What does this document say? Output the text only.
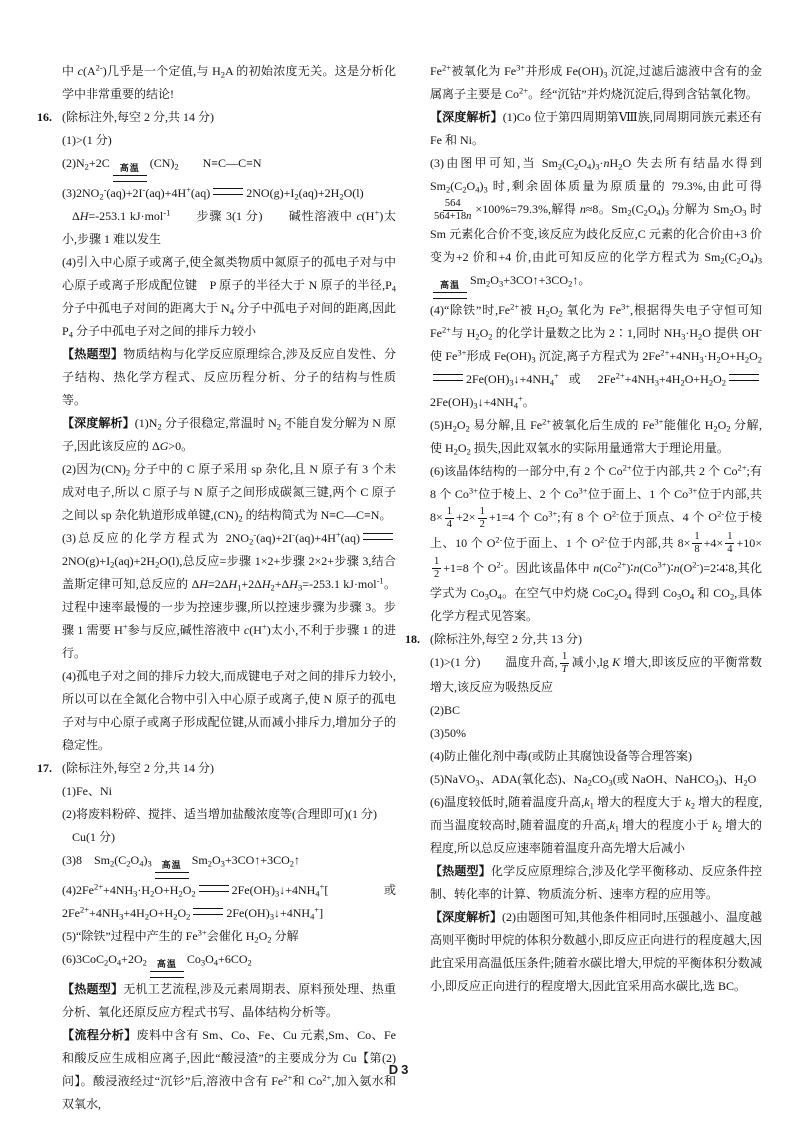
中 $c(A^{2-})$几乎是一个定值,与 $H_2A$ 的初始浓度无关。这是分析化学中非常重要的结论!
16. (除标注外,每空 2 分,共 14 分)
(1)>(1 分)
$(2)N_2+2C$ 高温 $(CN)_2$　　N≡C—C≡N
$(3)2NO_2^-(aq)+2I^-(aq)+4H^+(aq)$	$2NO(g)+I_2(aq)+2H_2O(l)$
ΔH=-253.1 kJ·mol$^{-1}$　　步骤 3(1 分)　　碱性溶液中 c(H+)太小,步骤 1 难以发生
(4)引入中心原子或离子,使全氮类物质中氮原子的孤电子对与中心原子或离子形成配位键　P 原子的半径大于 N 原子的半径$,P_4$ 分子中孤电子对间的距离大于 $N_4$ 分子中孤电子对间的距离,因此 $P_4$ 分子中孤电子对之间的排斥力较小
【热题型】物质结构与化学反应原理综合,涉及反应自发性、分子结构、热化学方程式、反应历程分析、分子的结构与性质等。
【深度解析】$(1)N_2$ 分子很稳定,常温时 $N_2$ 不能自发分解为 N 原子,因此该反应的 ΔG>0。
(2)因为$(CN)_2$ 分子中的 C 原子采用 sp 杂化,且 N 原子有 3 个未成对电子,所以 C 原子与 N 原子之间形成碳氮三键,两个 C 原子之间以 sp 杂化轨道形成单键$,(CN)_2$ 的结构简式为 N≡C—C≡N。
(3)总反应的化学方程式为 $2NO_2^-(aq)+2I^-(aq)+4H^+(aq)2NO(g)+I_2(aq)+2H_2O(l)$,总反应=步骤 1×2+步骤 2×2+步骤 3,结合盖斯定律可知,总反应的 $\Delta H=2\Delta H_1+2\Delta H_2+\Delta H_3=-253.1$ kJ·mol$^{-1}$。过程中速率最慢的一步为控速步骤,所以控速步骤为步骤 3。步骤 1 需要 H+参与反应,碱性溶液中 c(H+)太小,不利于步骤 1 的进行。
(4)孤电子对之间的排斥力较大,而成键电子对之间的排斥力较小,所以可以在全氮化合物中引入中心原子或离子,使 N 原子的孤电子对与中心原子或离子形成配位键,从而减小排斥力,增加分子的稳定性。
17. (除标注外,每空 2 分,共 14 分)
(1)Fe、Ni
(2)将废料粉碎、搅拌、适当增加盐酸浓度等(合理即可)(1 分)
Cu(1 分)
(3)8　$Sm_2(C_2O_4)_3$ 高温 $Sm_2O_3+3CO↑+3CO_2↑$
$(4)2Fe^{2+}+4NH_3\cdot H_2O+H_2O_2$	$2Fe(OH)_3↓+4NH_4^+$[或 $2Fe^{2+}+4NH_3+4H_2O+H_2O_2$	$2Fe(OH)_3↓+4NH_4^+$]
(5)“除铁”过程中产生的 $Fe^{3+}$会催化 $H_2O_2$ 分解
$(6)3CoC_2O_4+2O_2$ 高温 $Co_3O_4+6CO_2$
【热题型】无机工艺流程,涉及元素周期表、原料预处理、热重分析、氧化还原反应方程式书写、晶体结构分析等。
【流程分析】废料中含有 Sm、Co、Fe、Cu 元素,Sm、Co、Fe 和酸反应生成相应离子,因此“酸浸渣”的主要成分为 Cu【第(2)问】。酸浸液经过“沉钐”后,溶液中含有 $Fe^{2+}$和 $Co^{2+}$,加入氨水和双氧水,
$Fe^{2+}$被氧化为 $Fe^{3+}$并形成 $Fe(OH)_3$ 沉淀,过滤后滤液中含有的金属离子主要是 $Co^{2+}$。经“沉钴”并灼烧沉淀后,得到含钴氧化物。
【深度解析】(1)Co 位于第四周期第Ⅷ族,同周期同族元素还有 Fe 和 Ni。
(3)由图甲可知,当 $Sm_2(C_2O_4)_3\cdot nH_2O$ 失去所有结晶水得到 $Sm_2(C_2O_4)_3$ 时,剩余固体质量为原质量的 79.3%,由此可得
$\frac{564}{564+18n} \times 100\%=79.3\%$,解得 n≈8。$Sm_2(C_2O_4)_3$ 分解为 $Sm_2O_3$ 时 Sm 元素化合价不变,该反应为歧化反应,C 元素的化合价由+3 价变为+2 价和+4 价,由此可知反应的化学方程式为 $Sm_2(C_2O_4)_3$
高温 $Sm_2O_3+3CO↑+3CO_2↑$。
(4)“除铁”时$,Fe^{2+}$被 $H_2O_2$ 氧化为 $Fe^{3+}$,根据得失电子守恒可知 $Fe^{2+}$与 $H_2O_2$ 的化学计量数之比为 2∶1,同时 $NH_3\cdot H_2O$ 提供 OH-使 $Fe^{3+}$形成 $Fe(OH)_3$ 沉淀,离子方程式为 $2Fe^{2+}+4NH_3\cdot H_2O+H_2O_22Fe(OH)_3↓+4NH_4^+$ 或 $2Fe^{2+}+4NH_3+4H_2O+H_2O_22Fe(OH)_3↓+4NH_4^+$。
$(5)H_2O_2$ 易分解,且 $Fe^{2+}$被氧化后生成的 $Fe^{3+}$能催化 $H_2O_2$ 分解,使 $H_2O_2$ 损失,因此双氧水的实际用量通常大于理论用量。
(6)该晶体结构的一部分中,有 2 个 $Co^{2+}$位于内部,共 2 个 $Co^{2+}$;有 8 个 $Co^{3+}$位于棱上、2 个 $Co^{3+}$位于面上、1 个 $Co^{3+}$位于内部,共 $8\times \frac{1}{4} +2\times \frac{1}{2} +1=4$ 个 $Co^{3+}$;有 8 个 $O^{2-}$位于顶点、4 个 $O^{2-}$位于棱上、10 个 $O^{2-}$位于面上、1 个 $O^{2-}$位于内部,共 $8\times \frac{1}{8} +4\times \frac{1}{4} +10\times$
$\frac{1}{2} +1=8$ 个 $O^{2-}$。因此该晶体中 $n(Co^{2+})∶n(Co^{3+})∶n(O^{2-})=2∶4∶8$,其化学式为 $Co_3O_4$。在空气中灼烧 $CoC_2O_4$ 得到 $Co_3O_4$ 和 $CO_2$,具体化学方程式见答案。
18. (除标注外,每空 2 分,共 13 分)
(1)>(1 分)　　温度升高, $\frac{1}{T}$ 减小,lg K 增大,即该反应的平衡常数增大,该反应为吸热反应
(2)BC
(3)50%
(4)防止催化剂中毒(或防止其腐蚀设备等合理答案)
(5)NaVO$_3$、ADA(氧化态)、$Na_2CO_3$(或 NaOH、NaHCO$_3$)、$H_2O$
(6)温度较低时,随着温度升高$,k_1$ 增大的程度大于 $k_2$ 增大的程度,而当温度较高时,随着温度的升高$,k_1$ 增大的程度小于 $k_2$ 增大的程度,所以总反应速率随着温度升高先增大后减小
【热题型】化学反应原理综合,涉及化学平衡移动、反应条件控制、转化率的计算、物质流分析、速率方程的应用等。
【深度解析】(2)由题图可知,其他条件相同时,压强越小、温度越高则平衡时甲烷的体积分数越小,即反应正向进行的程度越大,因此宜采用高温低压条件;随着水碳比增大,甲烷的平衡体积分数减小,即反应正向进行的程度增大,因此宜采用高水碳比,选 BC。
D3
